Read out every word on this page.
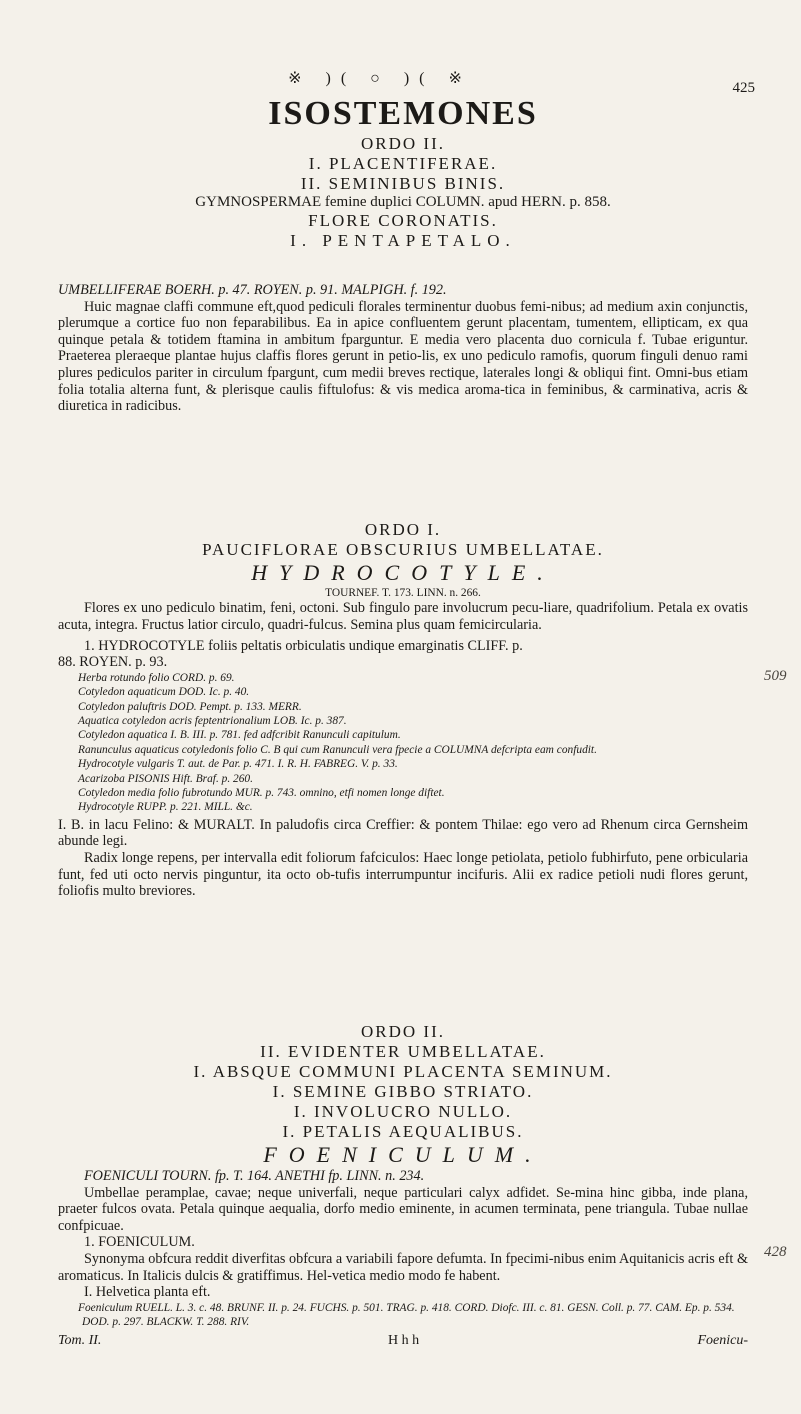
※ )( ○ )( ※
425
ISOSTEMONES
ORDO II.
I. PLACENTIFERAE.
II. SEMINIBUS BINIS.
GYMNOSPERMAE femine duplici COLUMN. apud HERN. p. 858.
FLORE CORONATIS.
I. PENTAPETALO.
UMBELLIFERAE BOERH. p. 47. ROYEN. p. 91. MALPIGH. f. 192.
Huic magnae claffi commune eft,quod pediculi florales terminentur duobus femi-nibus; ad medium axin conjunctis, plerumque a cortice fuo non feparabilibus. Ea in apice confluentem gerunt placentam, tumentem, ellipticam, ex qua quinque petala & totidem ftamina in ambitum fparguntur. E media vero placenta duo cornicula f. Tubae eriguntur. Praeterea pleraeque plantae hujus claffis flores gerunt in petio-lis, ex uno pediculo ramofis, quorum finguli denuo rami plures pediculos pariter in circulum fpargunt, cum medii breves rectique, laterales longi & obliqui fint. Omni-bus etiam folia totalia alterna funt, & plerisque caulis fiftulofus: & vis medica aroma-tica in feminibus, & carminativa, acris & diuretica in radicibus.
ORDO I.
PAUCIFLORAE OBSCURIUS UMBELLATAE.
HYDROCOTYLE.
TOURNEF. T. 173. LINN. n. 266.
Flores ex uno pediculo binatim, feni, octoni. Sub fingulo pare involucrum pecu-liare, quadrifolium. Petala ex ovatis acuta, integra. Fructus latior circulo, quadri-fulcus. Semina plus quam femicircularia.
1. HYDROCOTYLE foliis peltatis orbiculatis undique emarginatis CLIFF. p.
88. ROYEN. p. 93.
Herba rotundo folio CORD. p. 69.
Cotyledon aquaticum DOD. Ic. p. 40.
Cotyledon paluftris DOD. Pempt. p. 133. MERR.
Aquatica cotyledon acris feptentrionalium LOB. Ic. p. 387.
Cotyledon aquatica I. B. III. p. 781. fed adfcribit Ranunculi capitulum.
Ranunculus aquaticus cotyledonis folio C. B qui cum Ranunculi vera fpecie a COLUMNA defcripta eam confudit.
Hydrocotyle vulgaris T. aut. de Par. p. 471. I. R. H. FABREG. V. p. 33.
Acarizoba PISONIS Hift. Braf. p. 260.
Cotyledon media folio fubrotundo MUR. p. 743. omnino, etfi nomen longe diftet.
Hydrocotyle RUPP. p. 221. MILL. &c.
I. B. in lacu Felino: & MURALT. In paludofis circa Creffier: & pontem Thilae: ego vero ad Rhenum circa Gernsheim abunde legi.
Radix longe repens, per intervalla edit foliorum fafciculos: Haec longe petiolata, petiolo fubhirfuto, pene orbicularia funt, fed uti octo nervis pinguntur, ita octo ob-tufis interrumpuntur incifuris. Alii ex radice petioli nudi flores gerunt, foliofis multo breviores.
ORDO II.
II. EVIDENTER UMBELLATAE.
I. ABSQUE COMMUNI PLACENTA SEMINUM.
I. SEMINE GIBBO STRIATO.
I. INVOLUCRO NULLO.
I. PETALIS AEQUALIBUS.
FOENICULUM.
FOENICULI TOURN. fp. T. 164. ANETHI fp. LINN. n. 234.
Umbellae peramplae, cavae; neque univerfali, neque particulari calyx adfidet. Se-mina hinc gibba, inde plana, praeter fulcos ovata. Petala quinque aequalia, dorfo medio eminente, in acumen terminata, pene triangula. Tubae nullae confpicuae.
1. FOENICULUM.
Synonyma obfcura reddit diverfitas obfcura a variabili fapore defumta. In fpecimi-nibus enim Aquitanicis acris eft & aromaticus. In Italicis dulcis & gratiffimus. Hel-vetica medio modo fe habent.
I. Helvetica planta eft.
Foeniculum RUELL. L. 3. c. 48. BRUNF. II. p. 24. FUCHS. p. 501. TRAG. p. 418. CORD. Diofc. III. c. 81. GESN. Coll. p. 77. CAM. Ep. p. 534. DOD. p. 297. BLACKW. T. 288. RIV.
Tom. II.	H h h	Foenicu-
509
428
